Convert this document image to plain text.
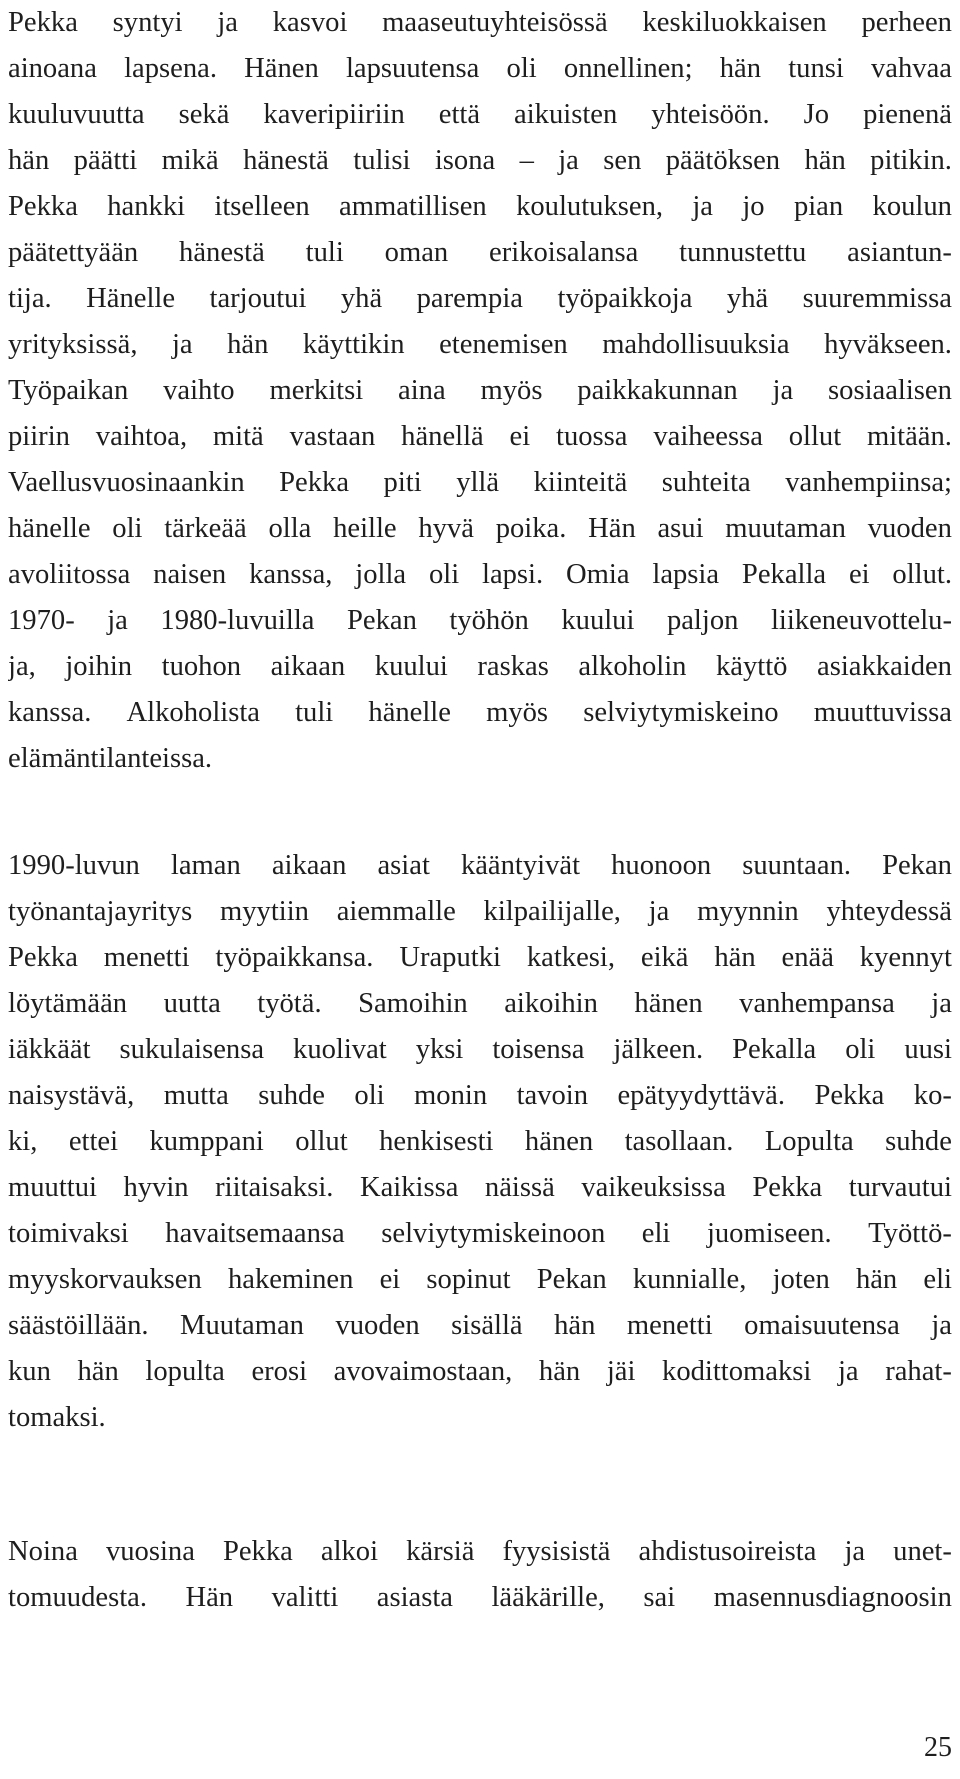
Pekka syntyi ja kasvoi maaseutuyhteisössä keskiluokkaisen perheen
ainoana lapsena. Hänen lapsuutensa oli onnellinen; hän tunsi vahvaa
kuuluvuutta sekä kaveripiiriin että aikuisten yhteisöön. Jo pienenä
hän päätti mikä hänestä tulisi isona – ja sen päätöksen hän pitikin.
Pekka hankki itselleen ammatillisen koulutuksen, ja jo pian koulun
päätettyään hänestä tuli oman erikoisalansa tunnustettu asiantun-
tija. Hänelle tarjoutui yhä parempia työpaikkoja yhä suuremmissa
yrityksissä, ja hän käyttikin etenemisen mahdollisuuksia hyväkseen.
Työpaikan vaihto merkitsi aina myös paikkakunnan ja sosiaalisen
piirin vaihtoa, mitä vastaan hänellä ei tuossa vaiheessa ollut mitään.
Vaellusvuosinaankin Pekka piti yllä kiinteitä suhteita vanhempiinsa;
hänelle oli tärkeää olla heille hyvä poika. Hän asui muutaman vuoden
avoliitossa naisen kanssa, jolla oli lapsi. Omia lapsia Pekalla ei ollut.
1970- ja 1980-luvuilla Pekan työhön kuului paljon liikeneuvottelu-
ja, joihin tuohon aikaan kuului raskas alkoholin käyttö asiakkaiden
kanssa. Alkoholista tuli hänelle myös selviytymiskeino muuttuvissa
elämäntilanteissa.
1990-luvun laman aikaan asiat kääntyivät huonoon suuntaan. Pekan
työnantajayritys myytiin aiemmalle kilpailijalle, ja myynnin yhteydessä
Pekka menetti työpaikkansa. Uraputki katkesi, eikä hän enää kyennyt
löytämään uutta työtä. Samoihin aikoihin hänen vanhempansa ja
iäkkäät sukulaisensa kuolivat yksi toisensa jälkeen. Pekalla oli uusi
naisystävä, mutta suhde oli monin tavoin epätyydyttävä. Pekka ko-
ki, ettei kumppani ollut henkisesti hänen tasollaan. Lopulta suhde
muuttui hyvin riitaisaksi. Kaikissa näissä vaikeuksissa Pekka turvautui
toimivaksi havaitsemaansa selviytymiskeinoon eli juomiseen. Työttö-
myyskorvauksen hakeminen ei sopinut Pekan kunnialle, joten hän eli
säästöillään. Muutaman vuoden sisällä hän menetti omaisuutensa ja
kun hän lopulta erosi avovaimostaan, hän jäi kodittomaksi ja rahat-
tomaksi.
Noina vuosina Pekka alkoi kärsiä fyysisistä ahdistusoireista ja unet-
tomuudesta. Hän valitti asiasta lääkärille, sai masennusdiagnoosin
25
